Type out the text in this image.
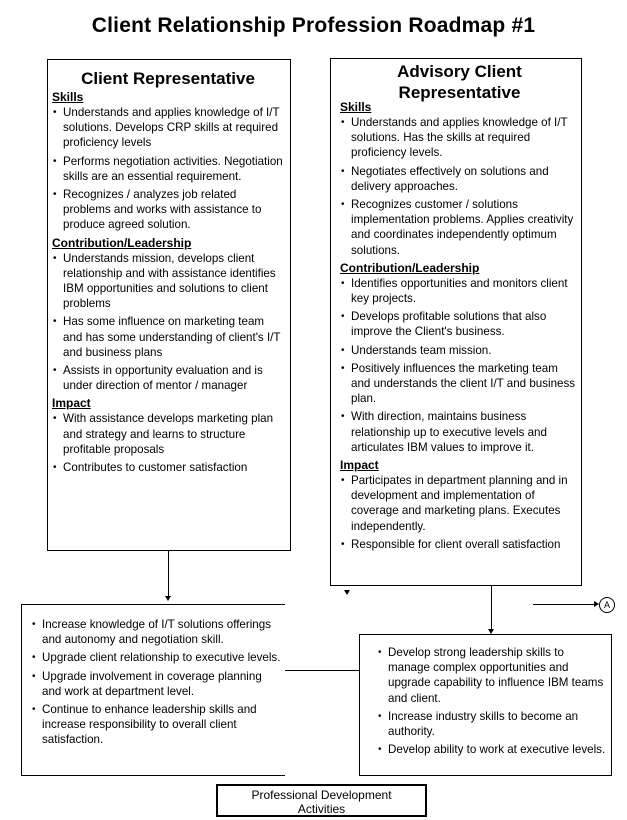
Client Relationship Profession Roadmap #1
Client Representative
Skills
• Understands and applies knowledge of I/T solutions. Develops CRP skills at required proficiency levels
• Performs negotiation activities. Negotiation skills are an essential requirement.
• Recognizes / analyzes job related problems and works with assistance to produce agreed solution.
Contribution/Leadership
• Understands mission, develops client relationship and with assistance identifies IBM opportunities and solutions to client problems
• Has some influence on marketing team and has some understanding of client's I/T and business plans
• Assists in opportunity evaluation and is under direction of mentor / manager
Impact
• With assistance develops marketing plan and strategy and learns to structure profitable proposals
• Contributes to customer satisfaction
Advisory Client
Representative
Skills
• Understands and applies knowledge of I/T solutions. Has the skills at required proficiency levels.
• Negotiates effectively on solutions and delivery approaches.
• Recognizes customer / solutions implementation problems. Applies creativity and coordinates independently optimum solutions.
Contribution/Leadership
• Identifies opportunities and monitors client key projects.
• Develops profitable solutions that also improve the Client's business.
• Understands team mission.
• Positively influences the marketing team and understands the client I/T and business plan.
• With direction, maintains business relationship up to executive levels and articulates IBM values to improve it.
Impact
• Participates in department planning and in development and implementation of coverage and marketing plans. Executes independently.
• Responsible for client overall satisfaction
A
• Increase knowledge of I/T solutions offerings and autonomy and negotiation skill.
• Upgrade client relationship to executive levels.
• Upgrade involvement in coverage planning and work at department level.
• Continue to enhance leadership skills and increase responsibility to overall client satisfaction.
• Develop strong leadership skills to manage complex opportunities and upgrade capability to influence IBM teams and client.
• Increase industry skills to become an authority.
• Develop ability to work at executive levels.
Professional Development
Activities
